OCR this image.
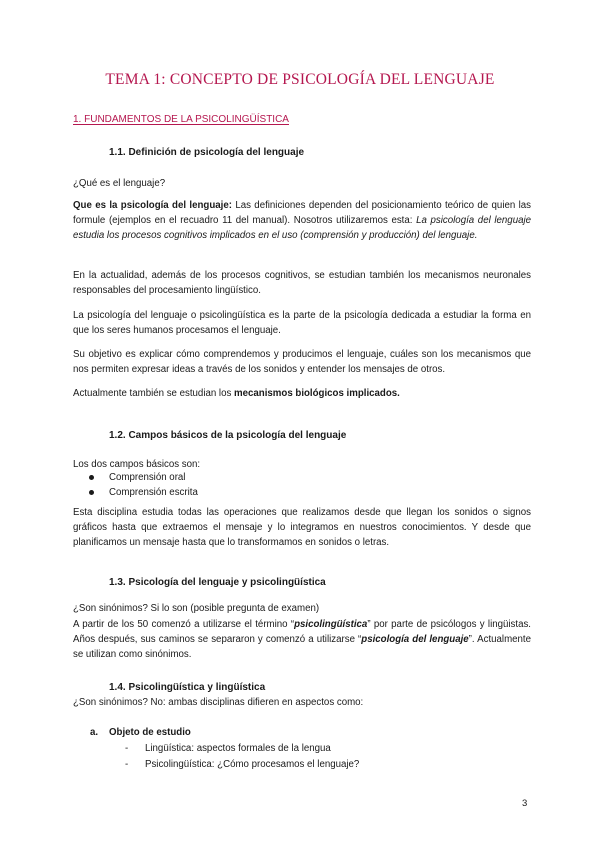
TEMA 1: CONCEPTO DE PSICOLOGÍA DEL LENGUAJE
1. FUNDAMENTOS DE LA PSICOLINGÜÍSTICA
1.1. Definición de psicología del lenguaje
¿Qué es el lenguaje?

Que es la psicología del lenguaje: Las definiciones dependen del posicionamiento teórico de quien las formule (ejemplos en el recuadro 11 del manual). Nosotros utilizaremos esta: La psicología del lenguaje estudia los procesos cognitivos implicados en el uso (comprensión y producción) del lenguaje.

En la actualidad, además de los procesos cognitivos, se estudian también los mecanismos neuronales responsables del procesamiento lingüístico.

La psicología del lenguaje o psicolingüística es la parte de la psicología dedicada a estudiar la forma en que los seres humanos procesamos el lenguaje.

Su objetivo es explicar cómo comprendemos y producimos el lenguaje, cuáles son los mecanismos que nos permiten expresar ideas a través de los sonidos y entender los mensajes de otros.

Actualmente también se estudian los mecanismos biológicos implicados.

1.2. Campos básicos de la psicología del lenguaje
Los dos campos básicos son:
Comprensión oral
Comprensión escrita

Esta disciplina estudia todas las operaciones que realizamos desde que llegan los sonidos o signos gráficos hasta que extraemos el mensaje y lo integramos en nuestros conocimientos. Y desde que planificamos un mensaje hasta que lo transformamos en sonidos o letras.

1.3. Psicología del lenguaje y psicolingüística
¿Son sinónimos? Si lo son (posible pregunta de examen)

A partir de los 50 comenzó a utilizarse el término “psicolingüística” por parte de psicólogos y lingüistas. Años después, sus caminos se separaron y comenzó a utilizarse “psicología del lenguaje”. Actualmente se utilizan como sinónimos.

1.4. Psicolingüística y lingüística
¿Son sinónimos? No: ambas disciplinas difieren en aspectos como:
a. Objeto de estudio
- Lingüística: aspectos formales de la lengua
- Psicolingüística: ¿Cómo procesamos el lenguaje?
3
